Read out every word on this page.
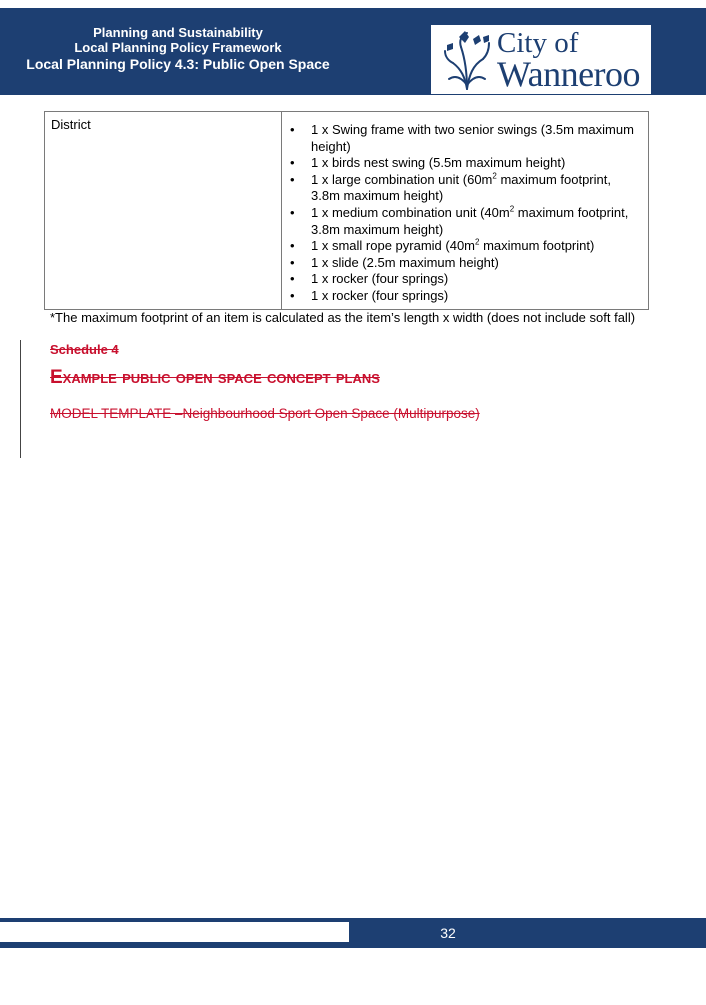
Planning and Sustainability
Local Planning Policy Framework
Local Planning Policy 4.3: Public Open Space
City of
Wanneroo
District	
•1 x Swing frame with two senior swings (3.5m maximum height)
• 1 x birds nest swing (5.5m maximum height)
• 1 x large combination unit ($60m^2$ maximum footprint, 3.8m maximum height)
• 1 x medium combination unit ($40m^2$ maximum footprint, 3.8m maximum height)
• 1 x small rope pyramid ($40m^2$ maximum footprint)
• 1 x slide (2.5m maximum height)
• 1 x rocker (four springs)
• 1 x rocker (four springs)
*The maximum footprint of an item is calculated as the item’s length x width (does not include soft fall)
Schedule 4
Example public open space concept plans
MODEL TEMPLATE –Neighbourhood Sport Open Space (Multipurpose)
32
